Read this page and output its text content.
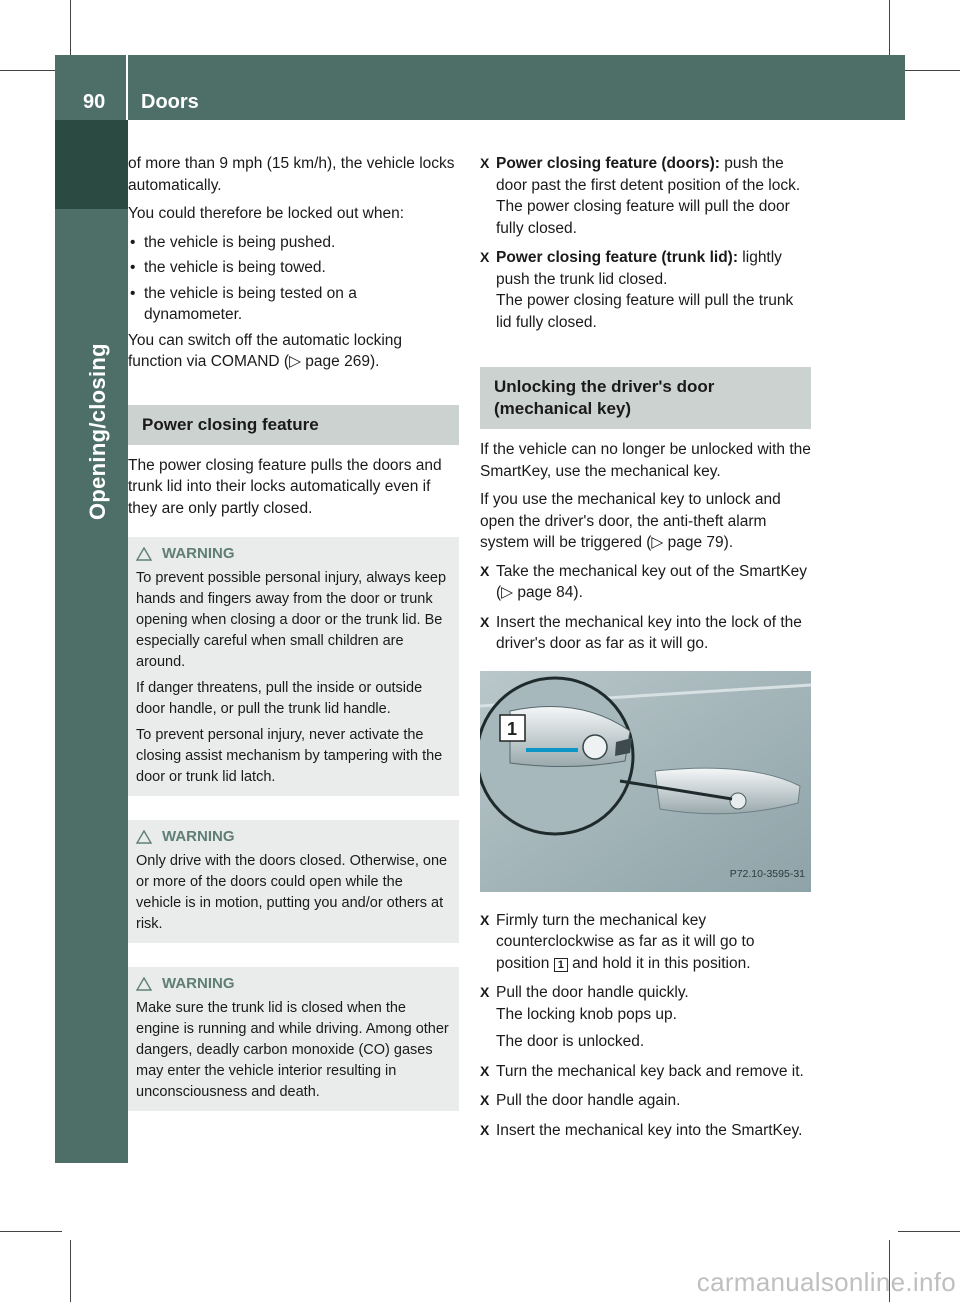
90 Doors
Opening/closing

of more than 9 mph (15 km/h), the vehicle locks automatically.

You could therefore be locked out when:

• the vehicle is being pushed.
• the vehicle is being towed.
• the vehicle is being tested on a dynamometer.

You can switch off the automatic locking function via COMAND (▷ page 269).

Power closing feature

The power closing feature pulls the doors and trunk lid into their locks automatically even if they are only partly closed.

WARNING

To prevent possible personal injury, always keep hands and fingers away from the door or trunk opening when closing a door or the trunk lid. Be especially careful when small children are around.

If danger threatens, pull the inside or outside door handle, or pull the trunk lid handle.

To prevent personal injury, never activate the closing assist mechanism by tampering with the door or trunk lid latch.

WARNING

Only drive with the doors closed. Otherwise, one or more of the doors could open while the vehicle is in motion, putting you and/or others at risk.

WARNING

Make sure the trunk lid is closed when the engine is running and while driving. Among other dangers, deadly carbon monoxide (CO) gases may enter the vehicle interior resulting in unconsciousness and death.

X Power closing feature (doors): push the door past the first detent position of the lock.
The power closing feature will pull the door fully closed.
X Power closing feature (trunk lid): lightly push the trunk lid closed.
The power closing feature will pull the trunk lid fully closed.
Unlocking the driver's door (mechanical key)

If the vehicle can no longer be unlocked with the SmartKey, use the mechanical key.

If you use the mechanical key to unlock and open the driver's door, the anti-theft alarm system will be triggered (▷ page 79).

X Take the mechanical key out of the SmartKey (▷ page 84).
X Insert the mechanical key into the lock of the driver's door as far as it will go.
1
P72.10-3595-31
X Firmly turn the mechanical key counterclockwise as far as it will go to position 1 and hold it in this position.
X Pull the door handle quickly.
The locking knob pops up.
The door is unlocked.
X Turn the mechanical key back and remove it.
X Pull the door handle again.
X Insert the mechanical key into the SmartKey.
carmanualsonline.info
